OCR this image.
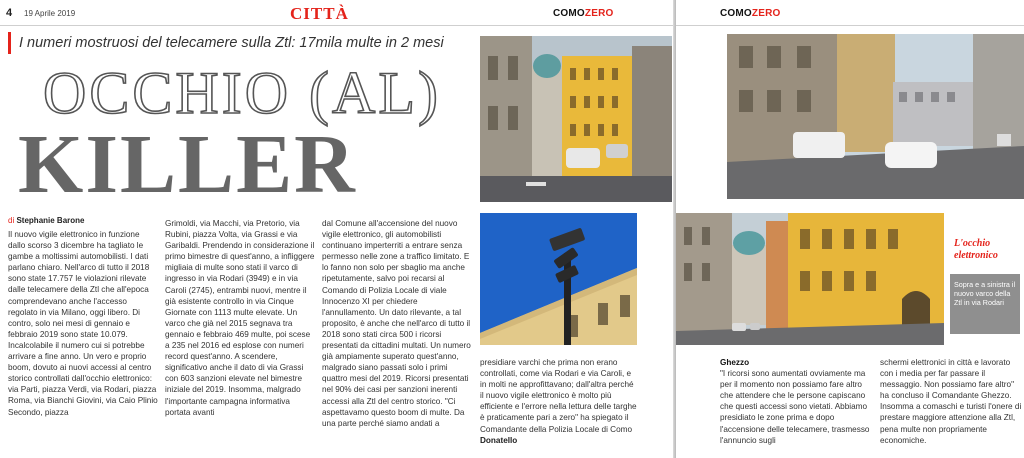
4 19 Aprile 2019	CITTÀ	COMOZERO
I numeri mostruosi del telecamere sulla Ztl: 17mila multe in 2 mesi
OCCHIO (AL)
KILLER
di Stephanie Barone
Il nuovo vigile elettronico in funzione dallo scorso 3 dicembre ha tagliato le gambe a moltissimi automobilisti. I dati parlano chiaro. Nell'arco di tutto il 2018 sono state 17.757 le violazioni rilevate dalle telecamere della Ztl che all'epoca comprendevano anche l'accesso regolato in via Milano, oggi libero. Di contro, solo nei mesi di gennaio e febbraio 2019 sono state 10.079. Incalcolabile il numero cui si potrebbe arrivare a fine anno. Un vero e proprio boom, dovuto ai nuovi accessi al centro storico controllati dall'occhio elettronico: via Parti, piazza Verdi, via Rodari, piazza Roma, via Bianchi Giovini, via Caio Plinio Secondo, piazza
Grimoldi, via Macchi, via Pretorio, via Rubini, piazza Volta, via Grassi e via Garibaldi. Prendendo in considerazione il primo bimestre di quest'anno, a infliggere migliaia di multe sono stati il varco di ingresso in via Rodari (3949) e in via Caroli (2745), entrambi nuovi, mentre il già esistente controllo in via Cinque Giornate con 1113 multe elevate. Un varco che già nel 2015 segnava tra gennaio e febbraio 469 multe, poi scese a 235 nel 2016 ed esplose con numeri record quest'anno. A scendere, significativo anche il dato di via Grassi con 603 sanzioni elevate nel bimestre iniziale del 2019. Insomma, malgrado l'importante campagna informativa portata avanti
dal Comune all'accensione del nuovo vigile elettronico, gli automobilisti continuano imperterriti a entrare senza permesso nelle zone a traffico limitato. E lo fanno non solo per sbaglio ma anche ripetutamente, salvo poi recarsi al Comando di Polizia Locale di viale Innocenzo XI per chiedere l'annullamento. Un dato rilevante, a tal proposito, è anche che nell'arco di tutto il 2018 sono stati circa 500 i ricorsi presentati da cittadini multati. Un numero già ampiamente superato quest'anno, malgrado siano passati solo i primi quattro mesi del 2019. Ricorsi presentati nel 90% dei casi per sanzioni inerenti accessi alla Ztl del centro storico. "Ci aspettavamo questo boom di multe. Da una parte perché siamo andati a
presidiare varchi che prima non erano controllati, come via Rodari e via Caroli, e in molti ne approfittavano; dall'altra perché il nuovo vigile elettronico è molto più efficiente e l'errore nella lettura delle targhe è praticamente pari a zero" ha spiegato il Comandante della Polizia Locale di Como Donatello
COMOZERO
Ghezzo
"I ricorsi sono aumentati ovviamente ma per il momento non possiamo fare altro che attendere che le persone capiscano che questi accessi sono vietati. Abbiamo presidiato le zone prima e dopo l'accensione delle telecamere, trasmesso l'annuncio sugli
schermi elettronici in città e lavorato con i media per far passare il messaggio. Non possiamo fare altro" ha concluso il Comandante Ghezzo. Insomma a comaschi e turisti l'onere di prestare maggiore attenzione alla Ztl, pena multe non propriamente economiche.
L'occhio elettronico
Sopra e a sinistra il nuovo varco della Ztl in via Rodari
